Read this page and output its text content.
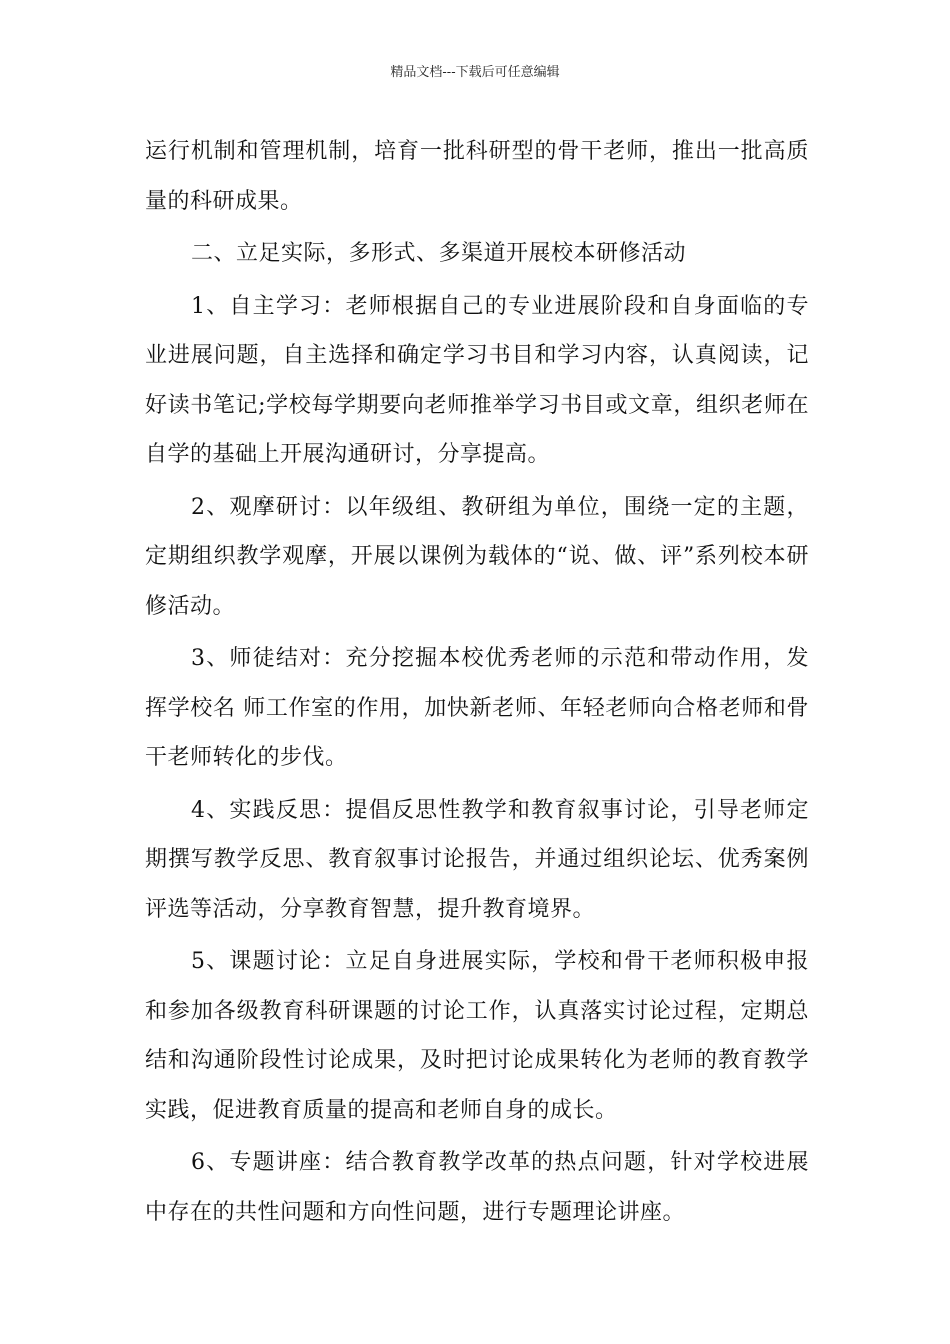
精品文档---下载后可任意编辑

运行机制和管理机制，培育一批科研型的骨干老师，推出一批高质量的科研成果。

二、立足实际，多形式、多渠道开展校本研修活动

1、自主学习：老师根据自己的专业进展阶段和自身面临的专业进展问题，自主选择和确定学习书目和学习内容，认真阅读，记好读书笔记;学校每学期要向老师推举学习书目或文章，组织老师在自学的基础上开展沟通研讨，分享提高。

2、观摩研讨：以年级组、教研组为单位，围绕一定的主题，定期组织教学观摩，开展以课例为载体的“说、做、评”系列校本研修活动。

3、师徒结对：充分挖掘本校优秀老师的示范和带动作用，发挥学校名 师工作室的作用，加快新老师、年轻老师向合格老师和骨干老师转化的步伐。

4、实践反思：提倡反思性教学和教育叙事讨论，引导老师定期撰写教学反思、教育叙事讨论报告，并通过组织论坛、优秀案例评选等活动，分享教育智慧，提升教育境界。

5、课题讨论：立足自身进展实际，学校和骨干老师积极申报和参加各级教育科研课题的讨论工作，认真落实讨论过程，定期总结和沟通阶段性讨论成果，及时把讨论成果转化为老师的教育教学实践，促进教育质量的提高和老师自身的成长。

6、专题讲座：结合教育教学改革的热点问题，针对学校进展中存在的共性问题和方向性问题，进行专题理论讲座。
